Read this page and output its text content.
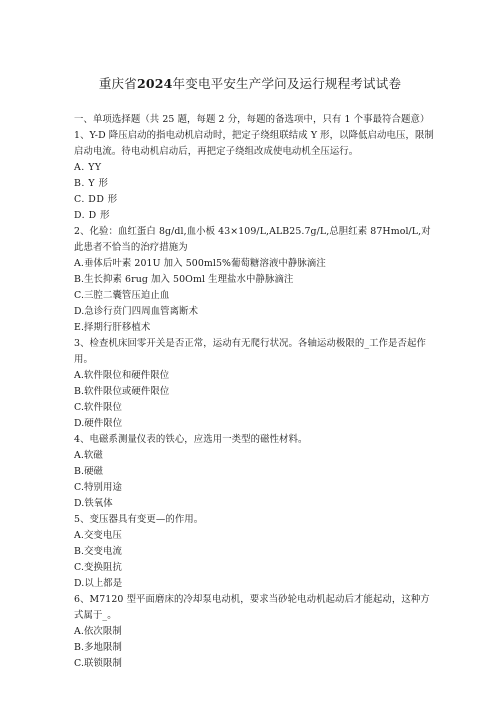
重庆省2024年变电平安生产学问及运行规程考试试卷

一、单项选择题（共 25 题，每题 2 分，每题的备选项中，只有 1 个事最符合题意）

1、Y-D 降压启动的指电动机启动时，把定子绕组联结成 Y 形，以降低启动电压，限制启动电流。待电动机启动后，再把定子绕组改成使电动机全压运行。

A. YY

B. Y 形

C. DD 形

D. D 形

2、化验：血红蛋白 8g/dl,血小板 43×109/L,ALB25.7g/L,总胆红素 87Hmol/L,对此患者不恰当的治疗措施为

A.垂体后叶素 201U 加入 500ml5%葡萄糖溶液中静脉滴注

B.生长抑素 6rug 加入 50Oml 生理盐水中静脉滴注

C.三腔二囊管压迫止血

D.急诊行贲门四周血管离断术

E.择期行肝移植术

3、检查机床回零开关是否正常，运动有无爬行状况。各轴运动极限的_工作是否起作用。

A.软件限位和硬件限位

B.软件限位或硬件限位

C.软件限位

D.硬件限位

4、电磁系测量仪表的铁心，应选用一类型的磁性材料。

A.软磁

B.硬磁

C.特别用途

D.铁氧体

5、变压器具有变更—的作用。

A.交变电压

B.交变电流

C.变换阻抗

D.以上都是

6、M7120 型平面磨床的冷却泵电动机，要求当砂轮电动机起动后才能起动，这种方式属于_。

A.依次限制

B.多地限制

C.联锁限制
